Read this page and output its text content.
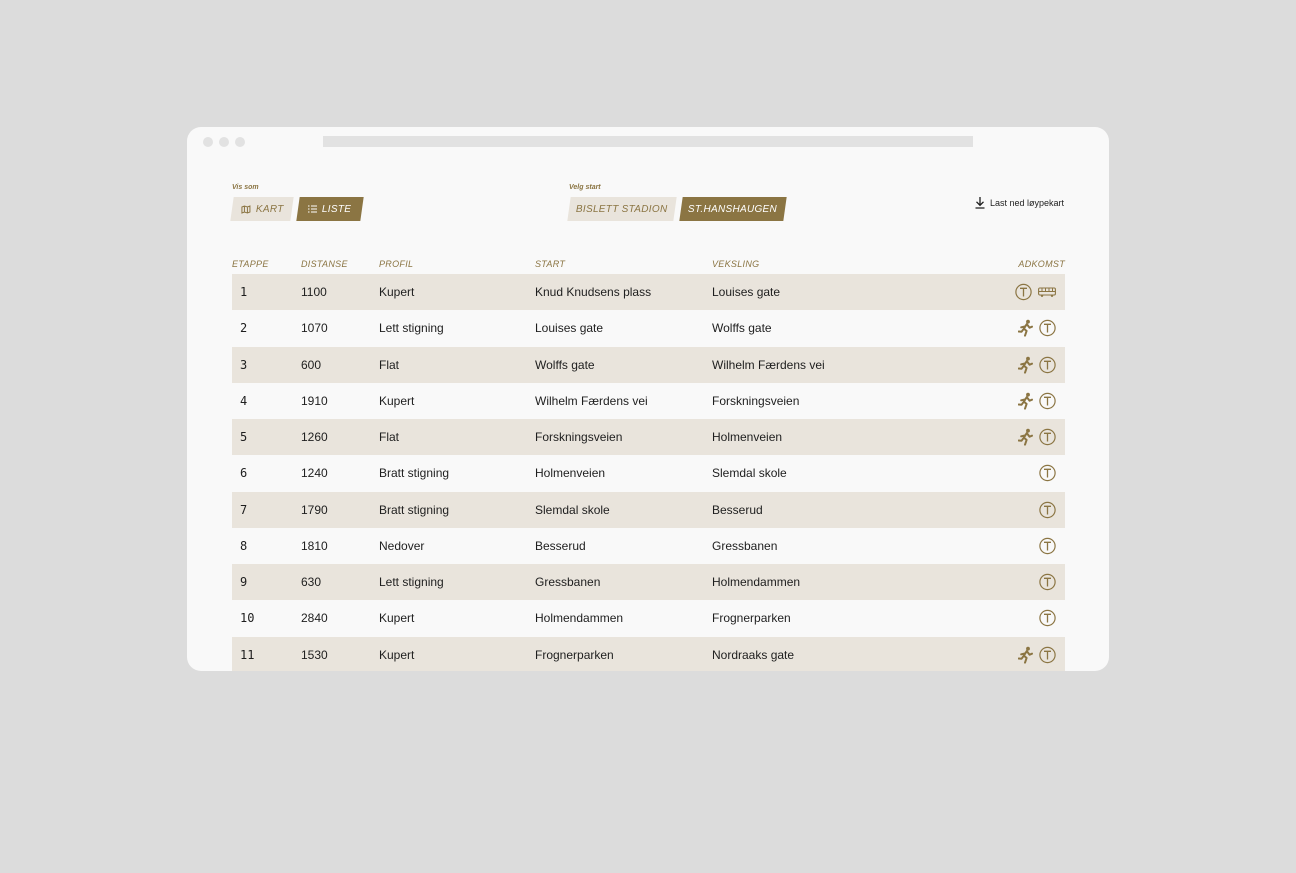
Vis som
KART	LISTE
Velg start
BISLETT STADION ST.HANSHAUGEN
Last ned løypekart
ETAPPE	DISTANSE	PROFIL	START	VEKSLING	ADKOMST
1	1100	Kupert	Knud Knudsens plass	Louises gate
2	1070	Lett stigning	Louises gate	Wolffs gate
3	600	Flat	Wolffs gate	Wilhelm Færdens vei
4	1910	Kupert	Wilhelm Færdens vei	Forskningsveien
5	1260	Flat	Forskningsveien	Holmenveien
6	1240	Bratt stigning	Holmenveien	Slemdal skole
7	1790	Bratt stigning	Slemdal skole	Besserud
8	1810	Nedover	Besserud	Gressbanen
9	630	Lett stigning	Gressbanen	Holmendammen
10	2840	Kupert	Holmendammen	Frognerparken
11	1530	Kupert	Frognerparken	Nordraaks gate
